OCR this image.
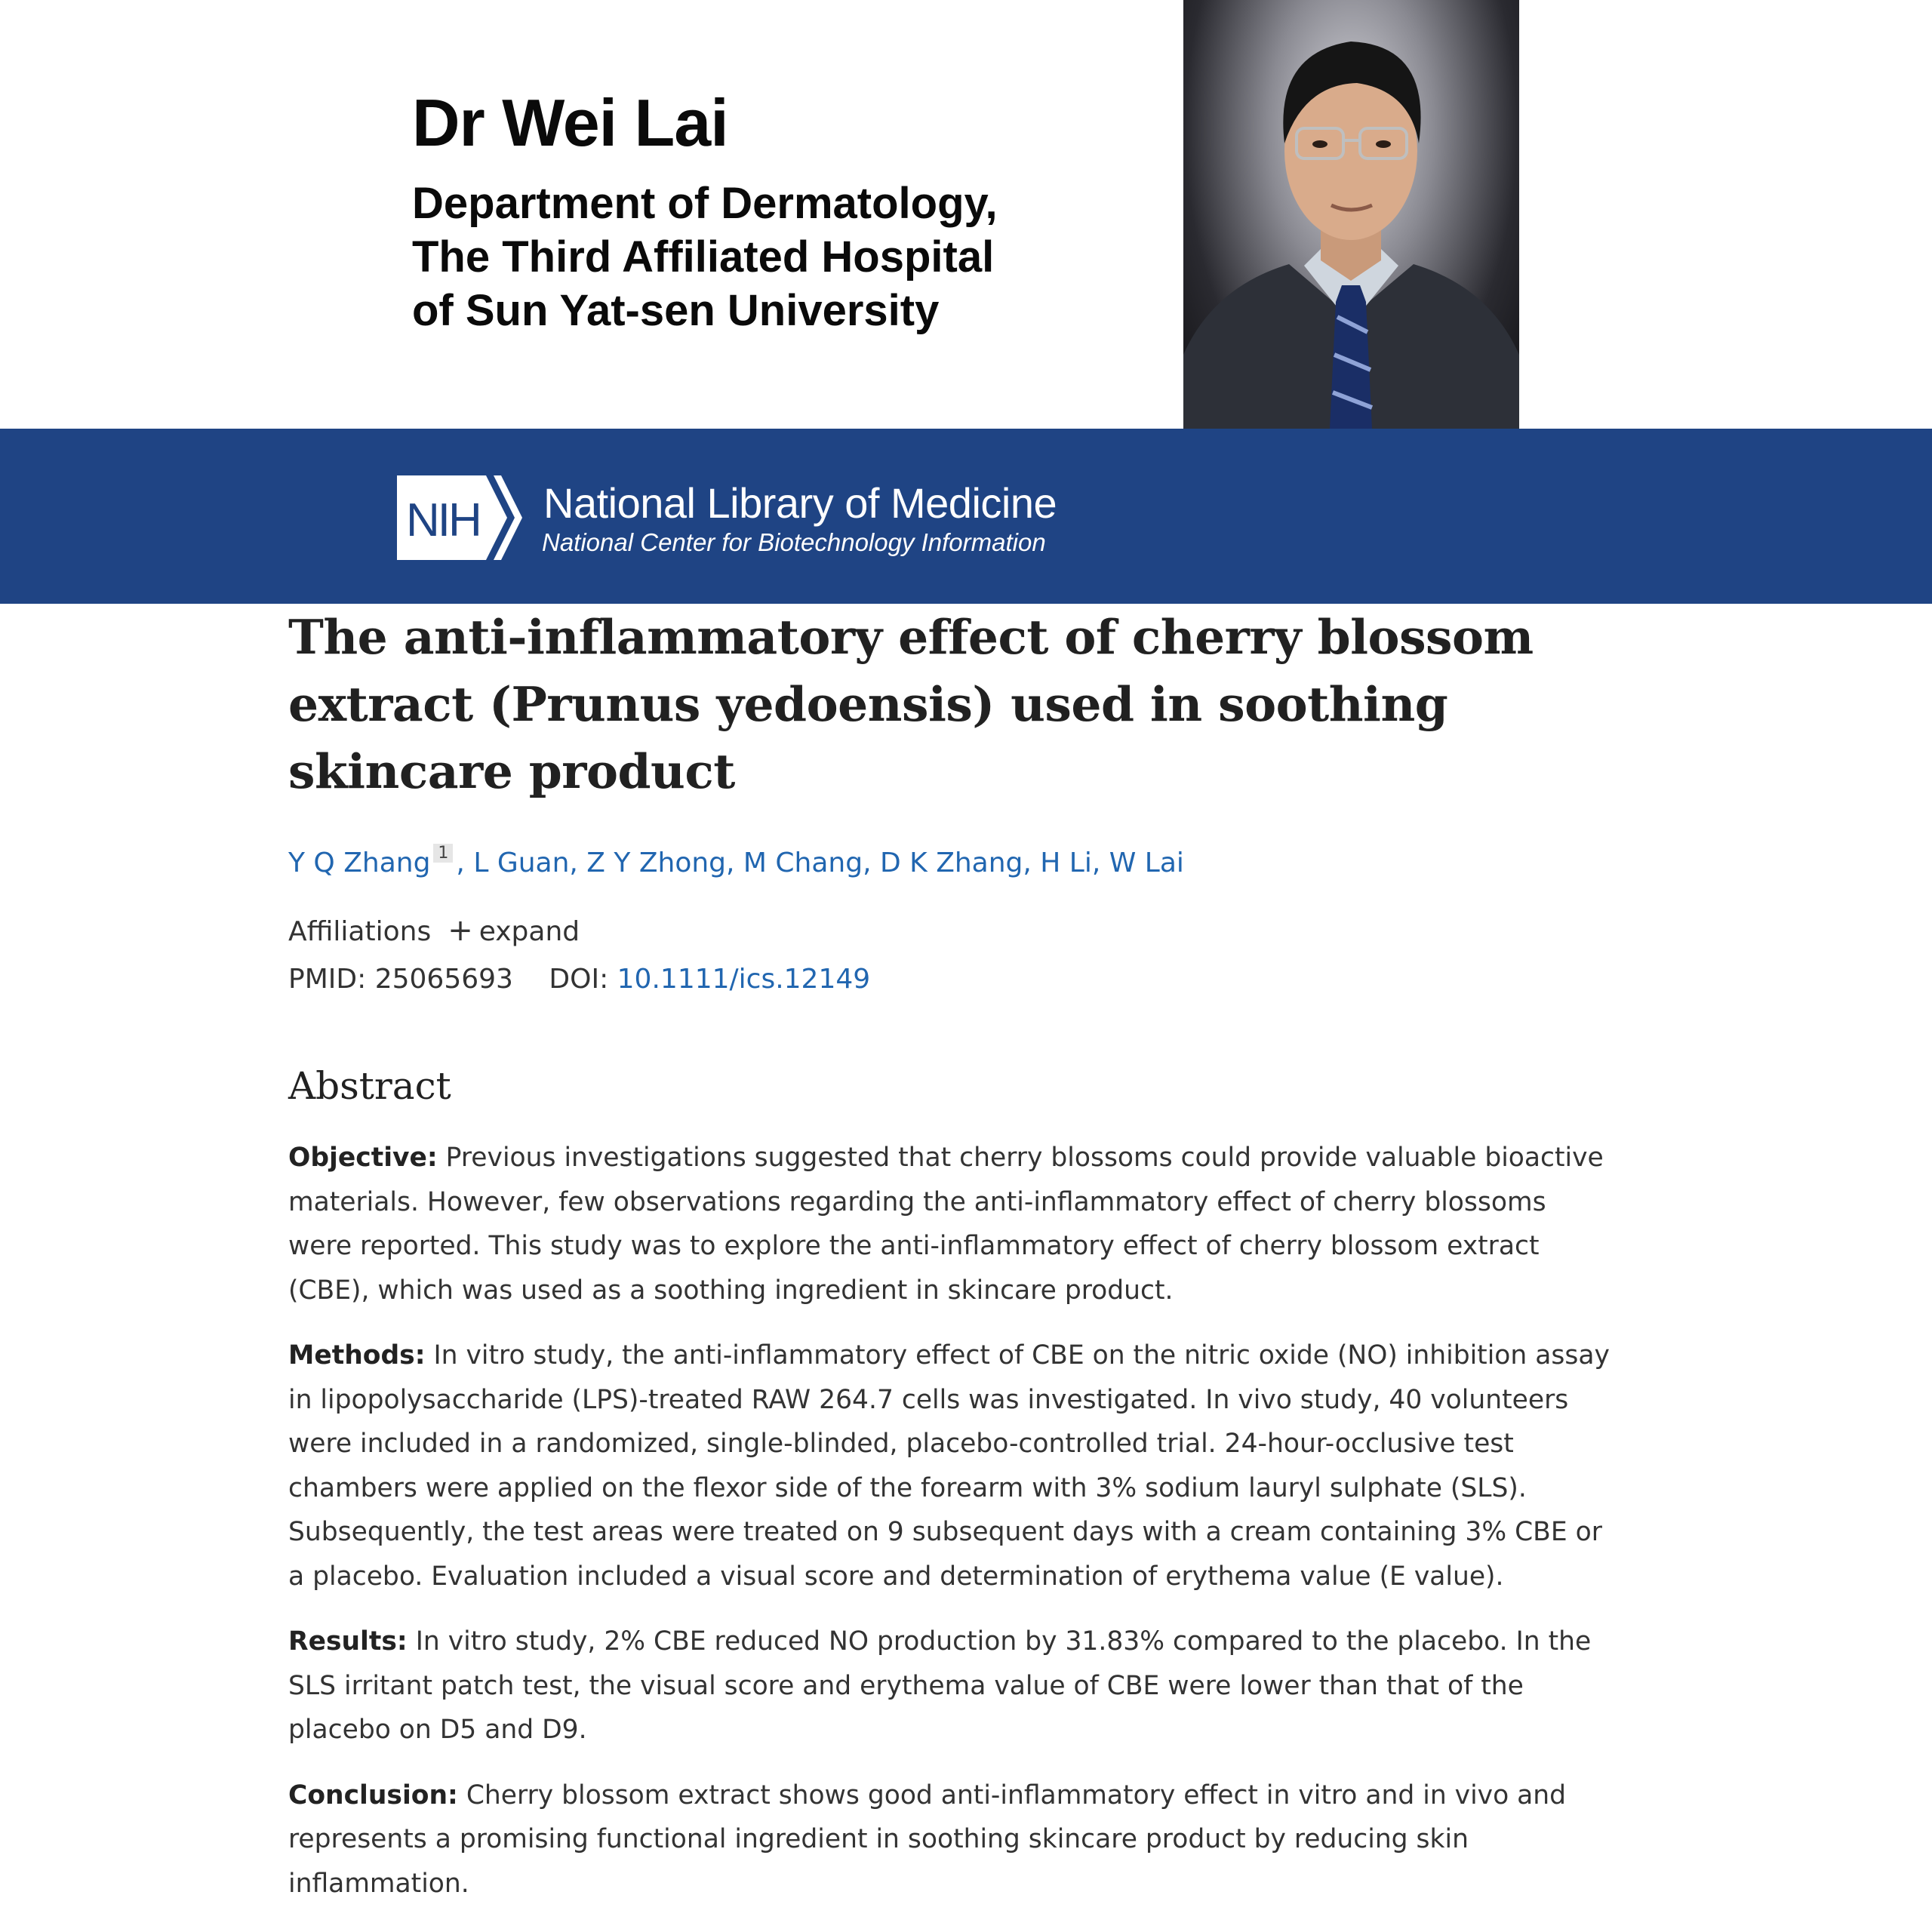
Dr Wei Lai
Department of Dermatology,
The Third Affiliated Hospital
of Sun Yat-sen University
NIH National Library of Medicine
National Center for Biotechnology Information
The anti-inflammatory effect of cherry blossom extract (Prunus yedoensis) used in soothing skincare product
Y Q Zhang 1 , L Guan, Z Y Zhong, M Chang, D K Zhang, H Li, W Lai
Affiliations + expand
PMID: 25065693 DOI: 10.1111/ics.12149
Abstract

Objective: Previous investigations suggested that cherry blossoms could provide valuable bioactive materials. However, few observations regarding the anti-inflammatory effect of cherry blossoms were reported. This study was to explore the anti-inflammatory effect of cherry blossom extract (CBE), which was used as a soothing ingredient in skincare product.

Methods: In vitro study, the anti-inflammatory effect of CBE on the nitric oxide (NO) inhibition assay in lipopolysaccharide (LPS)-treated RAW 264.7 cells was investigated. In vivo study, 40 volunteers were included in a randomized, single-blinded, placebo-controlled trial. 24-hour-occlusive test chambers were applied on the flexor side of the forearm with 3% sodium lauryl sulphate (SLS). Subsequently, the test areas were treated on 9 subsequent days with a cream containing 3% CBE or a placebo. Evaluation included a visual score and determination of erythema value (E value).

Results: In vitro study, 2% CBE reduced NO production by 31.83% compared to the placebo. In the SLS irritant patch test, the visual score and erythema value of CBE were lower than that of the placebo on D5 and D9.

Conclusion: Cherry blossom extract shows good anti-inflammatory effect in vitro and in vivo and represents a promising functional ingredient in soothing skincare product by reducing skin inflammation.
